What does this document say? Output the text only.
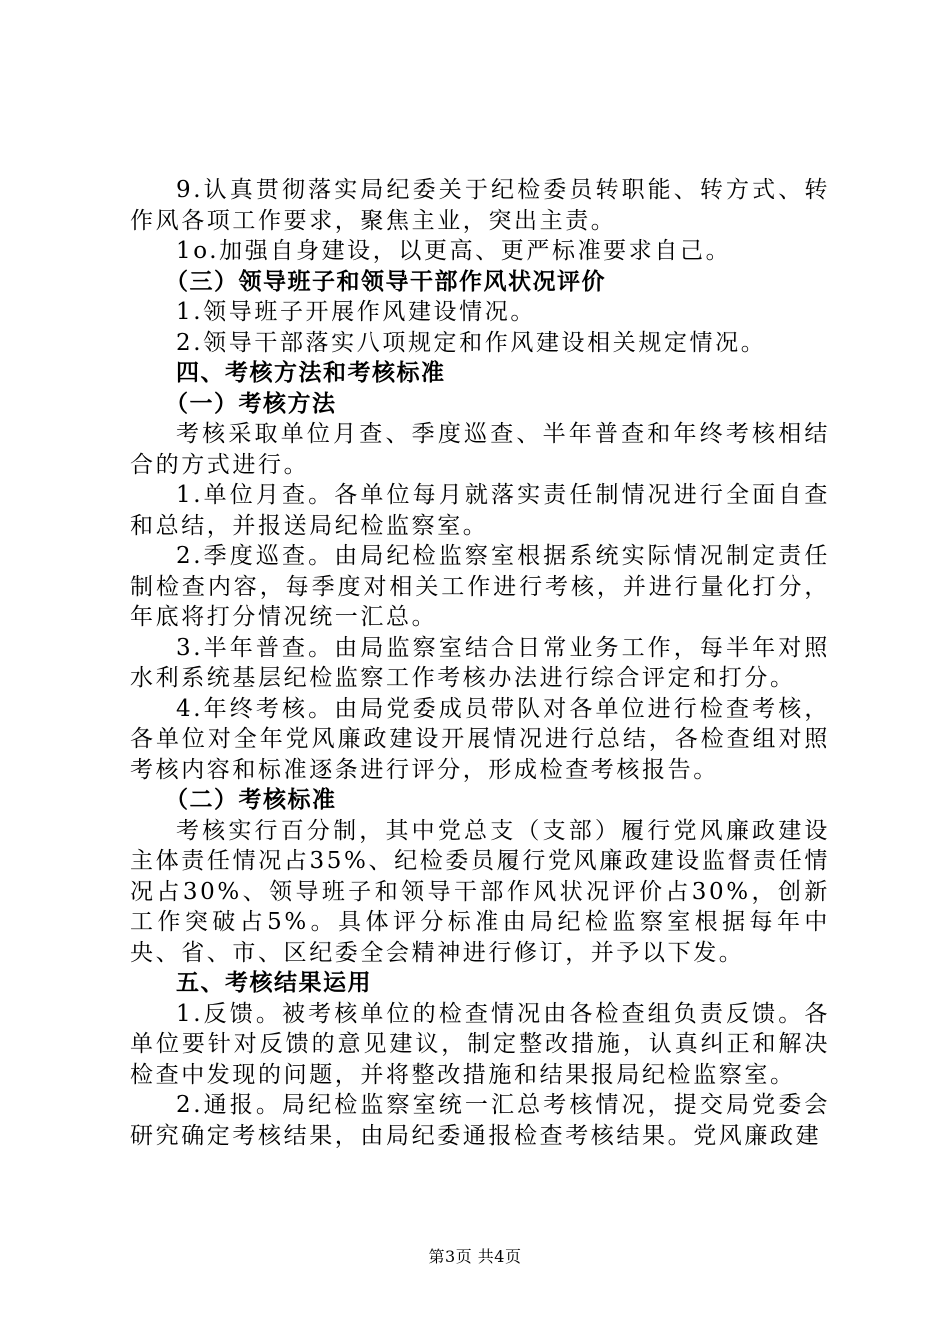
9.认真贯彻落实局纪委关于纪检委员转职能、转方式、转作风各项工作要求，聚焦主业，突出主责。

1o.加强自身建设，以更高、更严标准要求自己。

（三）领导班子和领导干部作风状况评价

1.领导班子开展作风建设情况。

2.领导干部落实八项规定和作风建设相关规定情况。

四、考核方法和考核标准

（一）考核方法

考核采取单位月查、季度巡查、半年普查和年终考核相结合的方式进行。

1.单位月查。各单位每月就落实责任制情况进行全面自查和总结，并报送局纪检监察室。

2.季度巡查。由局纪检监察室根据系统实际情况制定责任制检查内容，每季度对相关工作进行考核，并进行量化打分，年底将打分情况统一汇总。

3.半年普查。由局监察室结合日常业务工作，每半年对照水利系统基层纪检监察工作考核办法进行综合评定和打分。

4.年终考核。由局党委成员带队对各单位进行检查考核，各单位对全年党风廉政建设开展情况进行总结，各检查组对照考核内容和标准逐条进行评分，形成检查考核报告。

（二）考核标准

考核实行百分制，其中党总支（支部）履行党风廉政建设主体责任情况占35%、纪检委员履行党风廉政建设监督责任情况占30%、领导班子和领导干部作风状况评价占30%，创新工作突破占5%。具体评分标准由局纪检监察室根据每年中央、省、市、区纪委全会精神进行修订，并予以下发。

五、考核结果运用

1.反馈。被考核单位的检查情况由各检查组负责反馈。各单位要针对反馈的意见建议，制定整改措施，认真纠正和解决检查中发现的问题，并将整改措施和结果报局纪检监察室。

2.通报。局纪检监察室统一汇总考核情况，提交局党委会研究确定考核结果，由局纪委通报检查考核结果。党风廉政建

第3页 共4页
